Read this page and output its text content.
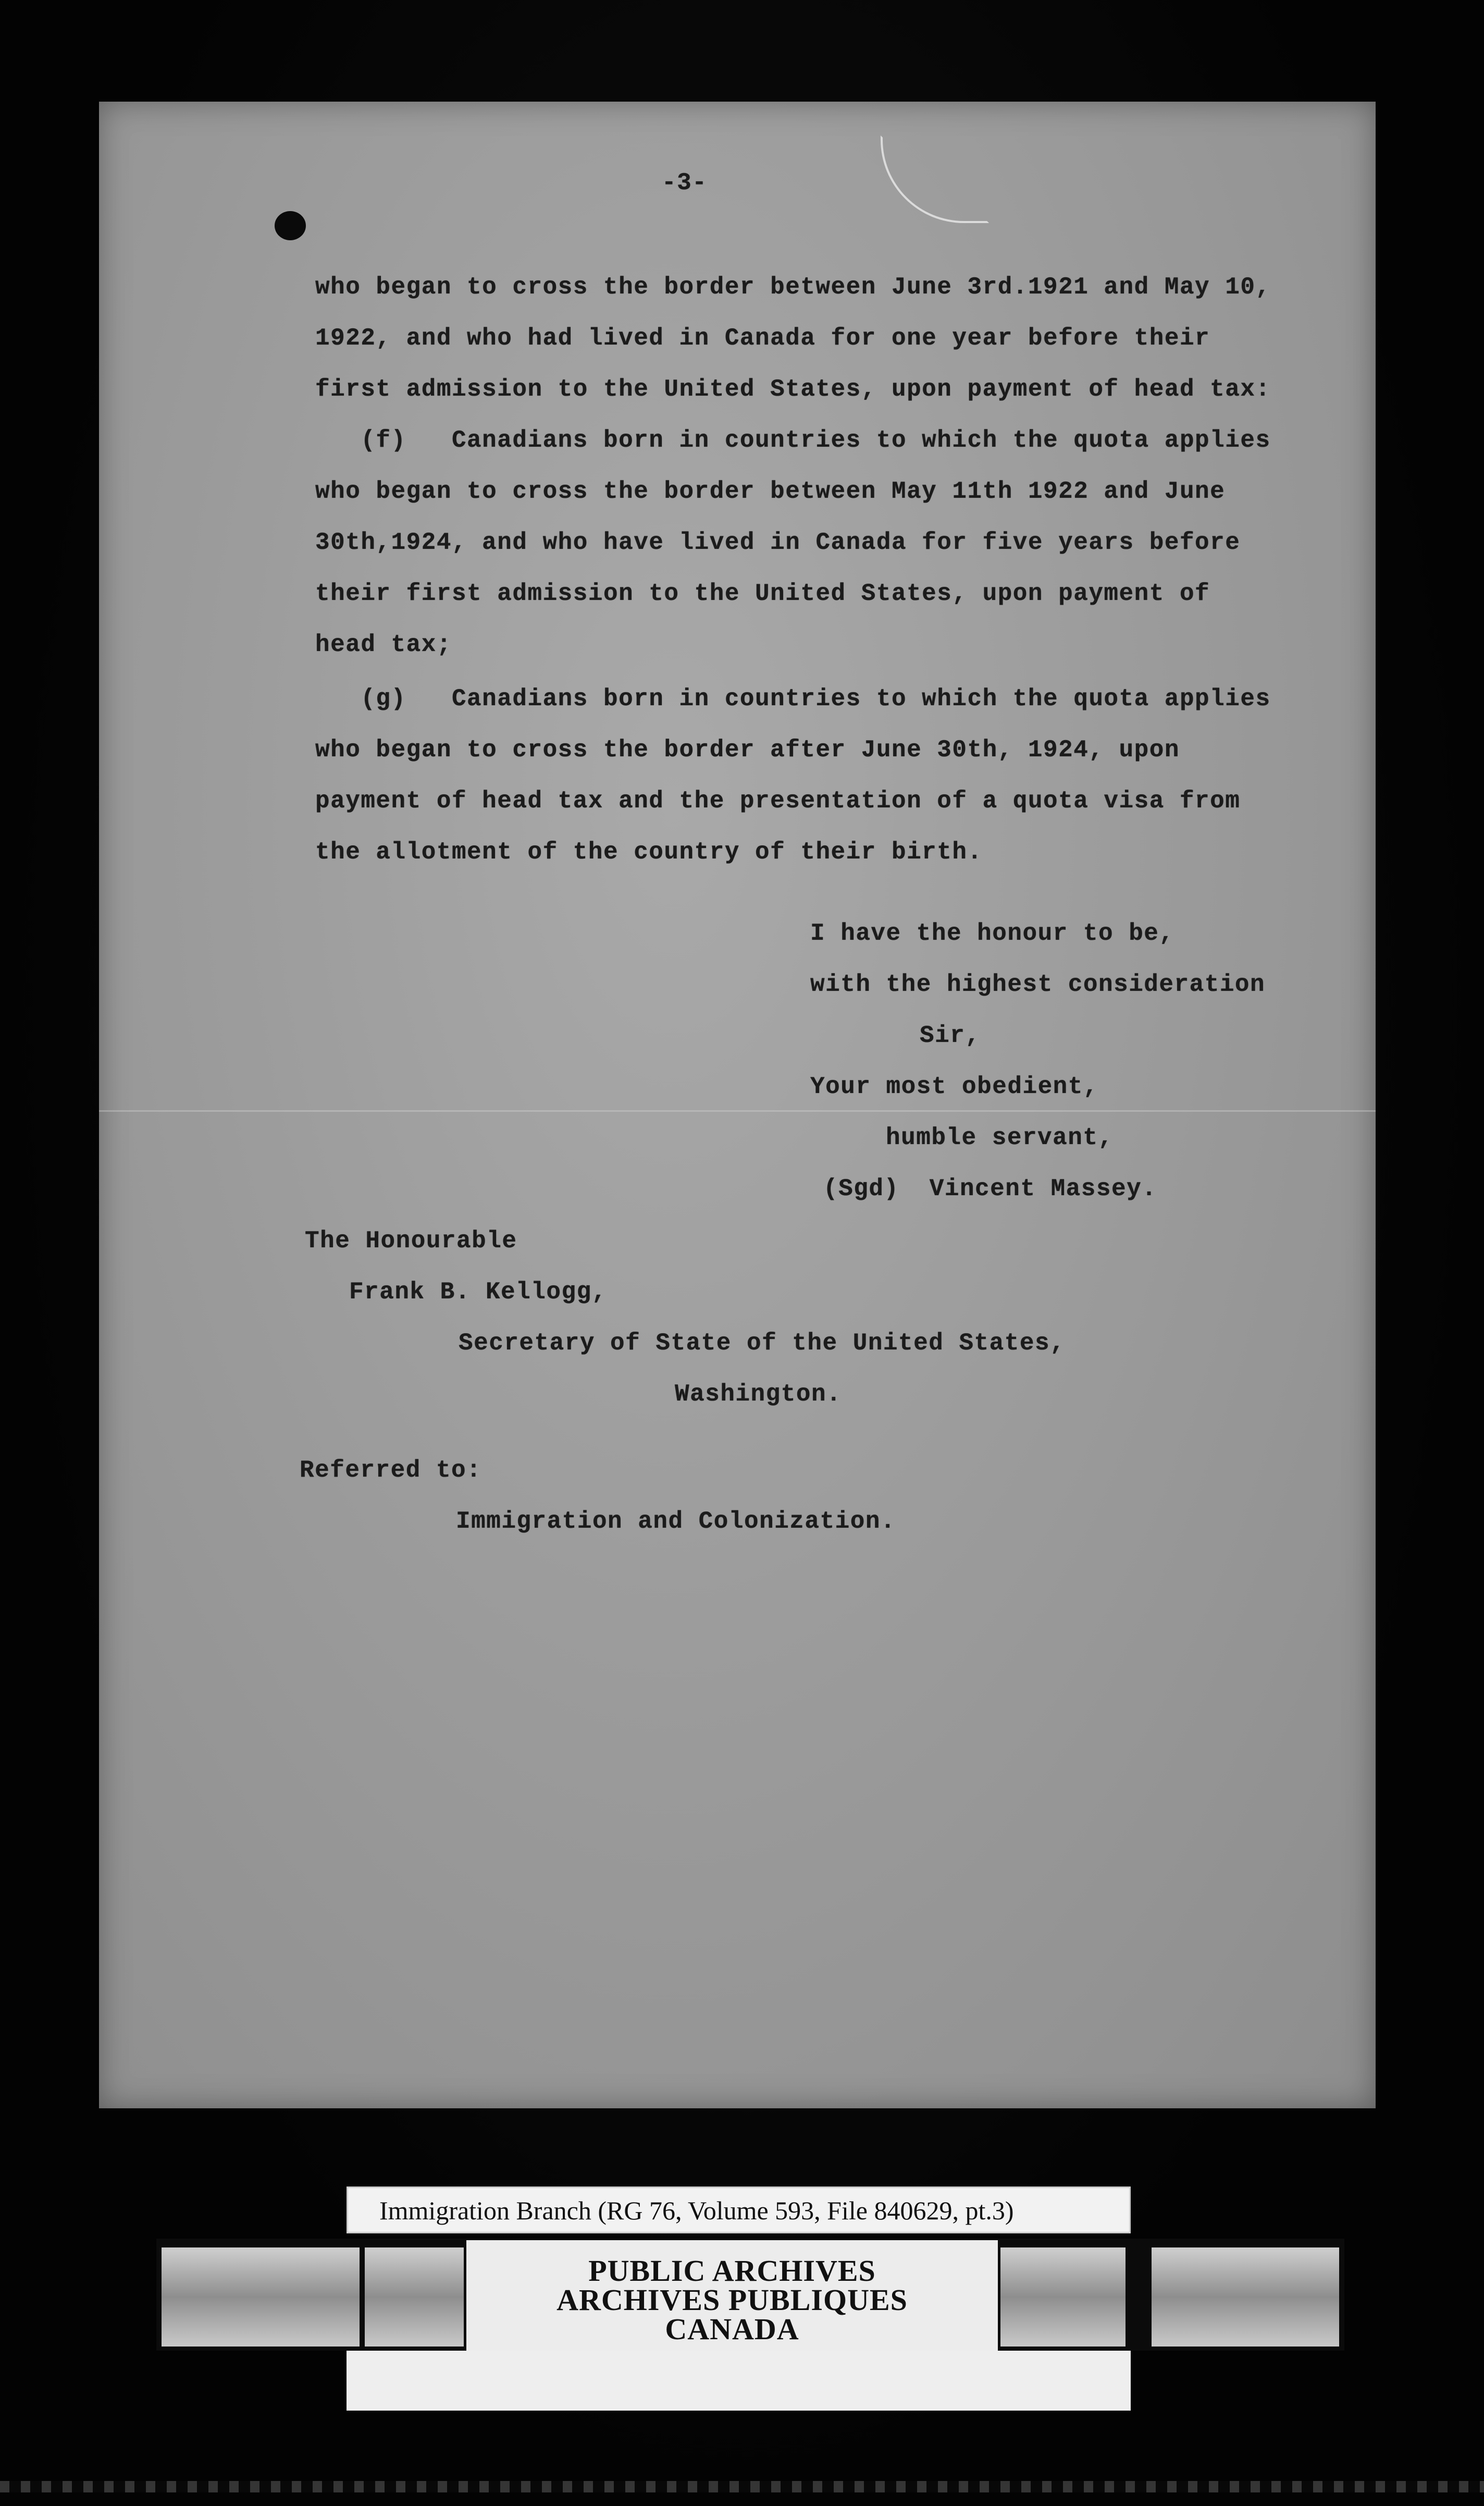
-3-
who began to cross the border between June 3rd.1921 and May 10,
1922, and who had lived in Canada for one year before their
first admission to the United States, upon payment of head tax:
(f)   Canadians born in countries to which the quota applies
who began to cross the border between May 11th 1922 and June
30th,1924, and who have lived in Canada for five years before
their first admission to the United States, upon payment of
head tax;
(g)   Canadians born in countries to which the quota applies
who began to cross the border after June 30th, 1924, upon
payment of head tax and the presentation of a quota visa from
the allotment of the country of their birth.
I have the honour to be,
with the highest consideration
Sir,
Your most obedient,
humble servant,
(Sgd)  Vincent Massey.
The Honourable
Frank B. Kellogg,
Secretary of State of the United States,
Washington.
Referred to:
Immigration and Colonization.
Immigration Branch (RG 76, Volume 593, File 840629, pt.3)
PUBLIC ARCHIVES
ARCHIVES PUBLIQUES
CANADA
